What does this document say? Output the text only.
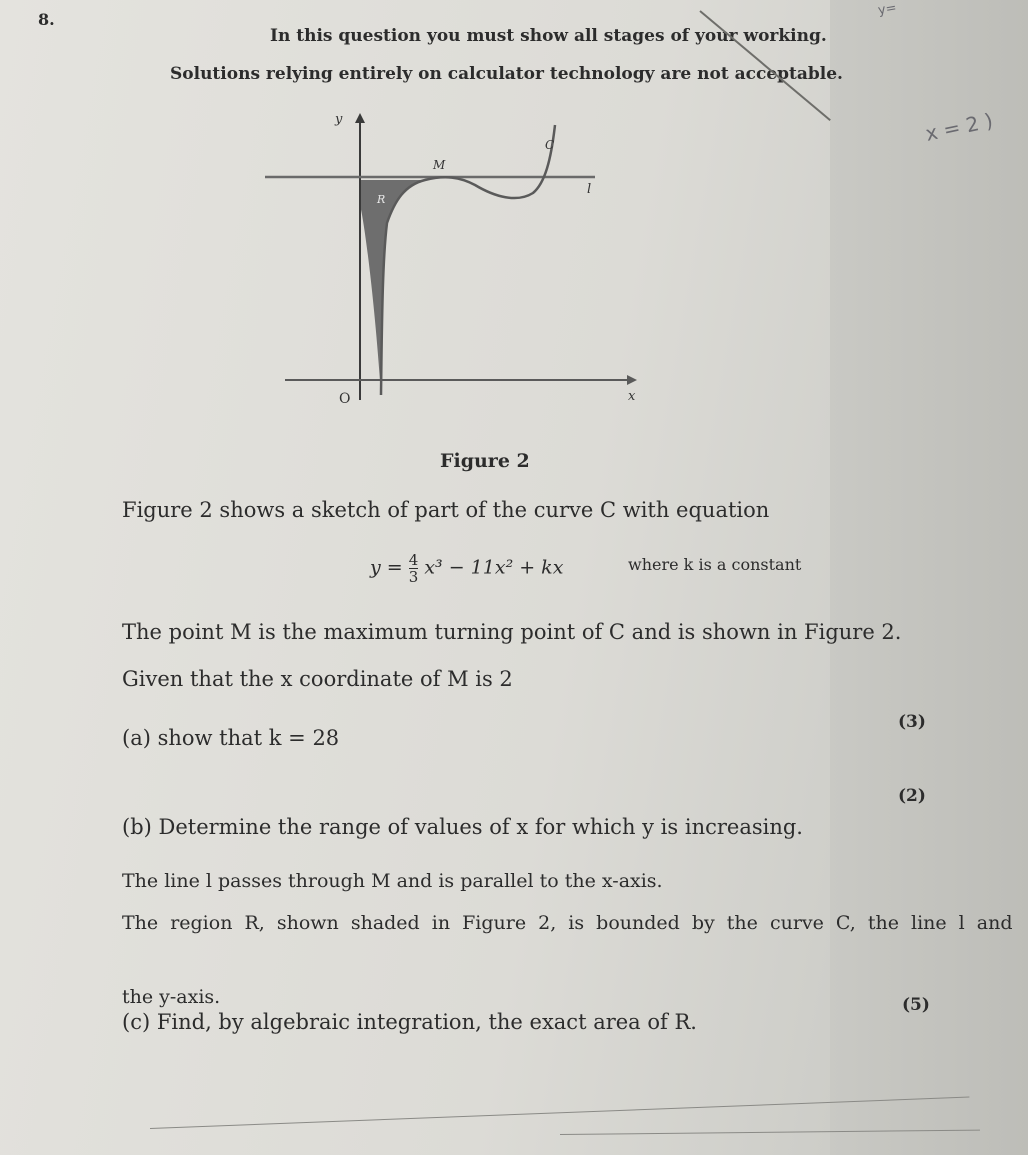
8.
In this question you must show all stages of your working.
Solutions relying entirely on calculator technology are not acceptable.
y
x
O
C
M
R
l
Figure 2
Figure 2 shows a sketch of part of the curve C with equation
$y = \frac{4}{3} x^3 - 11x^2$ + kx	where k is a constant
The point M is the maximum turning point of C and is shown in Figure 2.
Given that the x coordinate of M is 2
(a) show that k = 28
(3)
(b) Determine the range of values of x for which y is increasing.
(2)
The line l passes through M and is parallel to the x-axis.
The region R, shown shaded in Figure 2, is bounded by the curve C, the line l and
the y-axis.
(c) Find, by algebraic integration, the exact area of R.
(5)
x = 2 )
y=
